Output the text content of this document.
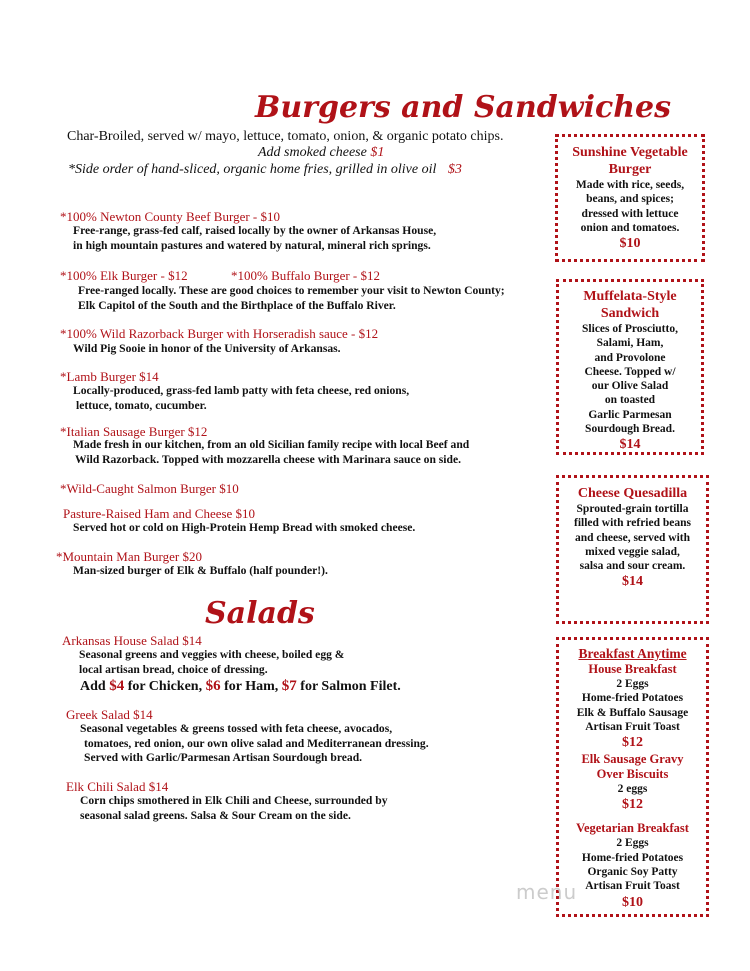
Burgers and Sandwiches
Char-Broiled, served w/ mayo, lettuce, tomato, onion, & organic potato chips.
Add smoked cheese $1
*Side order of hand-sliced, organic home fries, grilled in olive oil $3
*100% Newton County Beef Burger - $10
Free-range, grass-fed calf, raised locally by the owner of Arkansas House,
in high mountain pastures and watered by natural, mineral rich springs.
*100% Elk Burger - $12	*100% Buffalo Burger - $12
Free-ranged locally. These are good choices to remember your visit to Newton County;
Elk Capitol of the South and the Birthplace of the Buffalo River.
*100% Wild Razorback Burger with Horseradish sauce - $12
Wild Pig Sooie in honor of the University of Arkansas.
*Lamb Burger $14
Locally-produced, grass-fed lamb patty with feta cheese, red onions,
lettuce, tomato, cucumber.
*Italian Sausage Burger $12
Made fresh in our kitchen, from an old Sicilian family recipe with local Beef and
Wild Razorback. Topped with mozzarella cheese with Marinara sauce on side.
*Wild-Caught Salmon Burger $10
Pasture-Raised Ham and Cheese $10
Served hot or cold on High-Protein Hemp Bread with smoked cheese.
*Mountain Man Burger $20
Man-sized burger of Elk & Buffalo (half pounder!).
Salads
Arkansas House Salad $14
Seasonal greens and veggies with cheese, boiled egg &
local artisan bread, choice of dressing.
Add $4 for Chicken, $6 for Ham, $7 for Salmon Filet.
Greek Salad $14
Seasonal vegetables & greens tossed with feta cheese, avocados,
tomatoes, red onion, our own olive salad and Mediterranean dressing.
Served with Garlic/Parmesan Artisan Sourdough bread.
Elk Chili Salad $14
Corn chips smothered in Elk Chili and Cheese, surrounded by
seasonal salad greens. Salsa & Sour Cream on the side.
Sunshine Vegetable
Burger
Made with rice, seeds,
beans, and spices;
dressed with lettuce
onion and tomatoes.
$10
Muffelata-Style
Sandwich
Slices of Prosciutto,
Salami, Ham,
and Provolone
Cheese. Topped w/
our Olive Salad
on toasted
Garlic Parmesan
Sourdough Bread.
$14
Cheese Quesadilla
Sprouted-grain tortilla
filled with refried beans
and cheese, served with
mixed veggie salad,
salsa and sour cream.
$14
Breakfast Anytime
House Breakfast
2 Eggs
Home-fried Potatoes
Elk & Buffalo Sausage
Artisan Fruit Toast
$12
Elk Sausage Gravy
Over Biscuits
2 eggs
$12
Vegetarian Breakfast
2 Eggs
Home-fried Potatoes
Organic Soy Patty
Artisan Fruit Toast
$10
menu
